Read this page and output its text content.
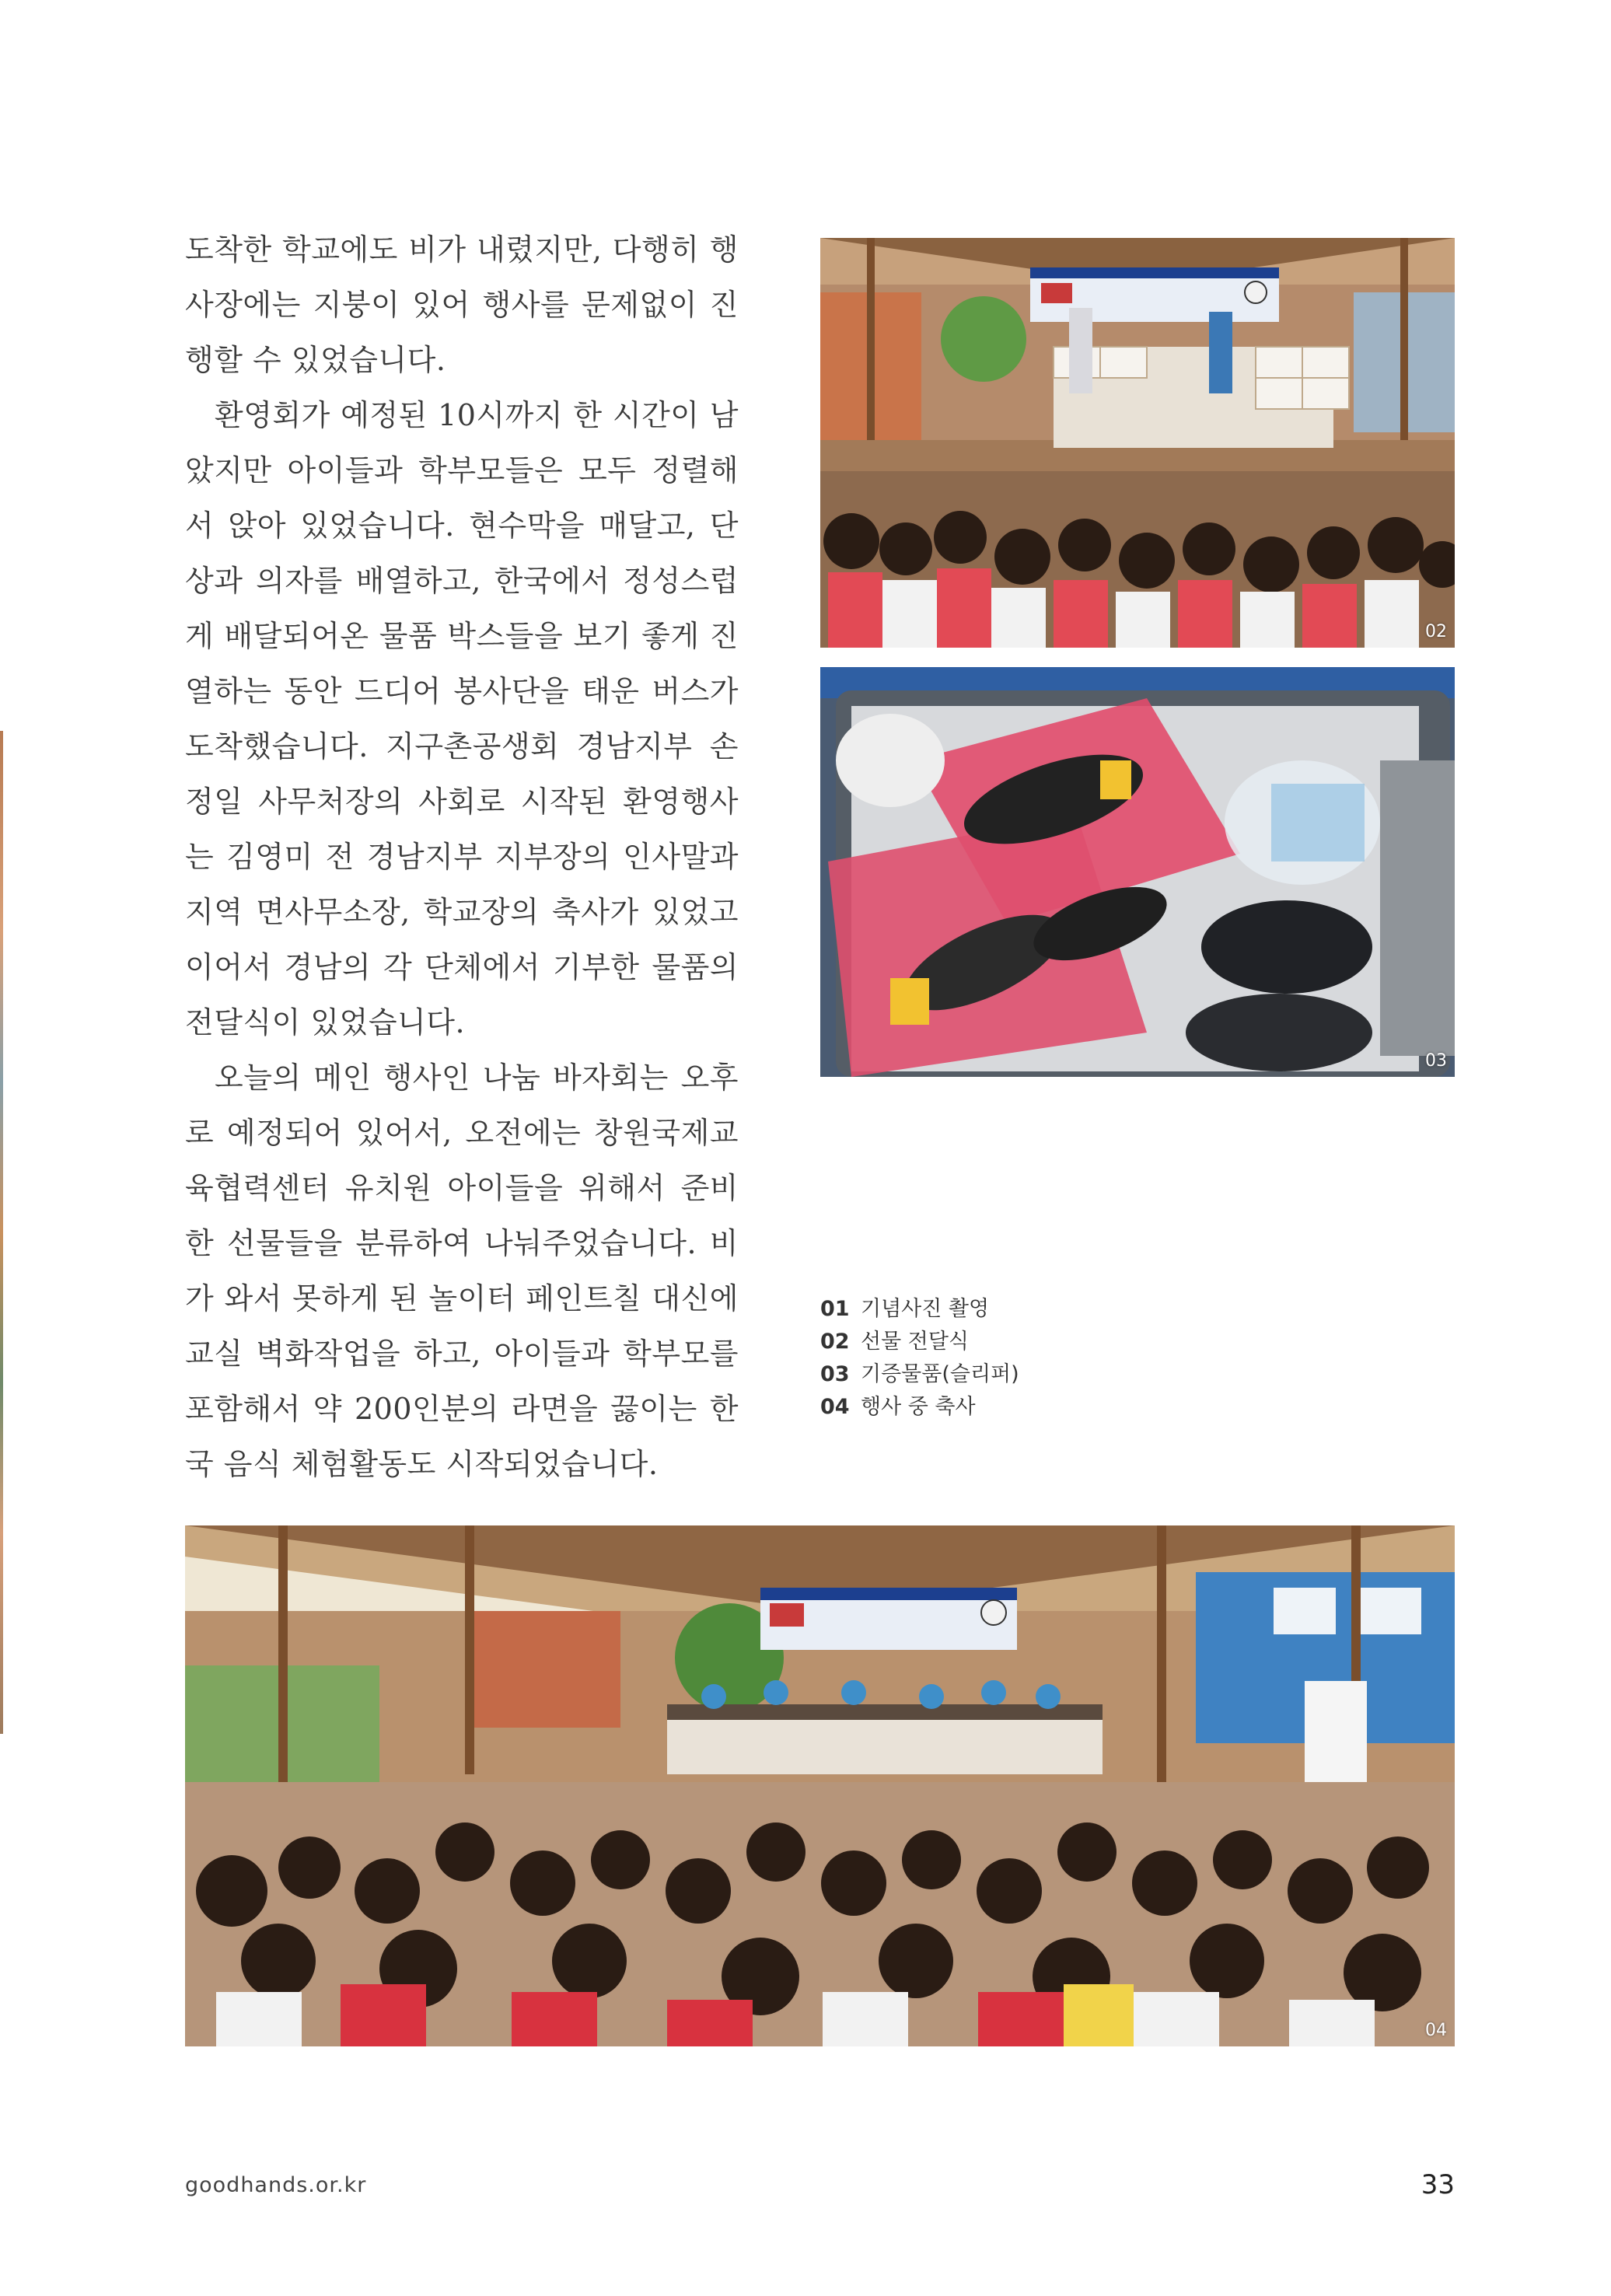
도착한 학교에도 비가 내렸지만, 다행히 행사장에는 지붕이 있어 행사를 문제없이 진행할 수 있었습니다.

환영회가 예정된 10시까지 한 시간이 남았지만 아이들과 학부모들은 모두 정렬해서 앉아 있었습니다. 현수막을 매달고, 단상과 의자를 배열하고, 한국에서 정성스럽게 배달되어온 물품 박스들을 보기 좋게 진열하는 동안 드디어 봉사단을 태운 버스가 도착했습니다. 지구촌공생회 경남지부 손정일 사무처장의 사회로 시작된 환영행사는 김영미 전 경남지부 지부장의 인사말과 지역 면사무소장, 학교장의 축사가 있었고 이어서 경남의 각 단체에서 기부한 물품의 전달식이 있었습니다.

오늘의 메인 행사인 나눔 바자회는 오후로 예정되어 있어서, 오전에는 창원국제교육협력센터 유치원 아이들을 위해서 준비한 선물들을 분류하여 나눠주었습니다. 비가 와서 못하게 된 놀이터 페인트칠 대신에 교실 벽화작업을 하고, 아이들과 학부모를 포함해서 약 200인분의 라면을 끓이는 한국 음식 체험활동도 시작되었습니다.

02
03
01 기념사진 촬영
02 선물 전달식
03 기증물품(슬리퍼)
04 행사 중 축사
04
goodhands.or.kr	33
